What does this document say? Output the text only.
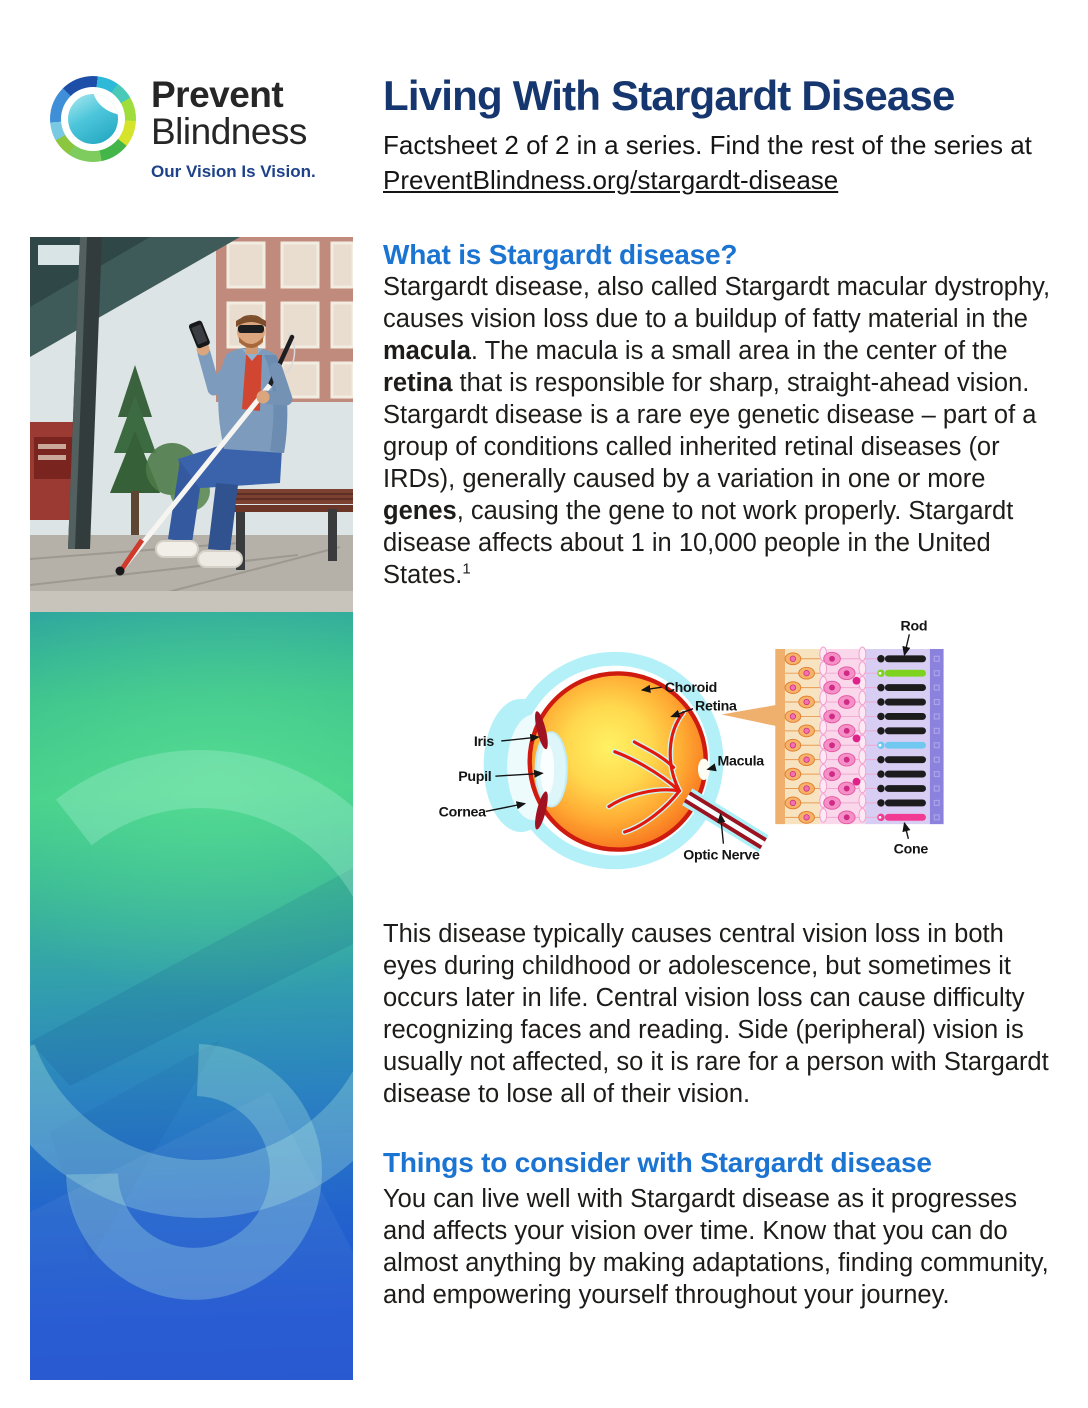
Prevent
Blindness
Our Vision Is Vision.
Living With Stargardt Disease
Factsheet 2 of 2 in a series. Find the rest of the series at PreventBlindness.org/stargardt-disease
What is Stargardt disease?

Stargardt disease, also called Stargardt macular dystrophy, causes vision loss due to a buildup of fatty material in the macula. The macula is a small area in the center of the retina that is responsible for sharp, straight-ahead vision. Stargardt disease is a rare eye genetic disease – part of a group of conditions called inherited retinal diseases (or IRDs), generally caused by a variation in one or more genes, causing the gene to not work properly. Stargardt disease affects about 1 in 10,000 people in the United States.$^1$

Choroid
Retina
Iris
Pupil
Cornea
Macula
Optic Nerve
Rod
Cone

This disease typically causes central vision loss in both eyes during childhood or adolescence, but sometimes it occurs later in life. Central vision loss can cause difficulty recognizing faces and reading. Side (peripheral) vision is usually not affected, so it is rare for a person with Stargardt disease to lose all of their vision.

Things to consider with Stargardt disease

You can live well with Stargardt disease as it progresses and affects your vision over time. Know that you can do almost anything by making adaptations, finding community, and empowering yourself throughout your journey.
